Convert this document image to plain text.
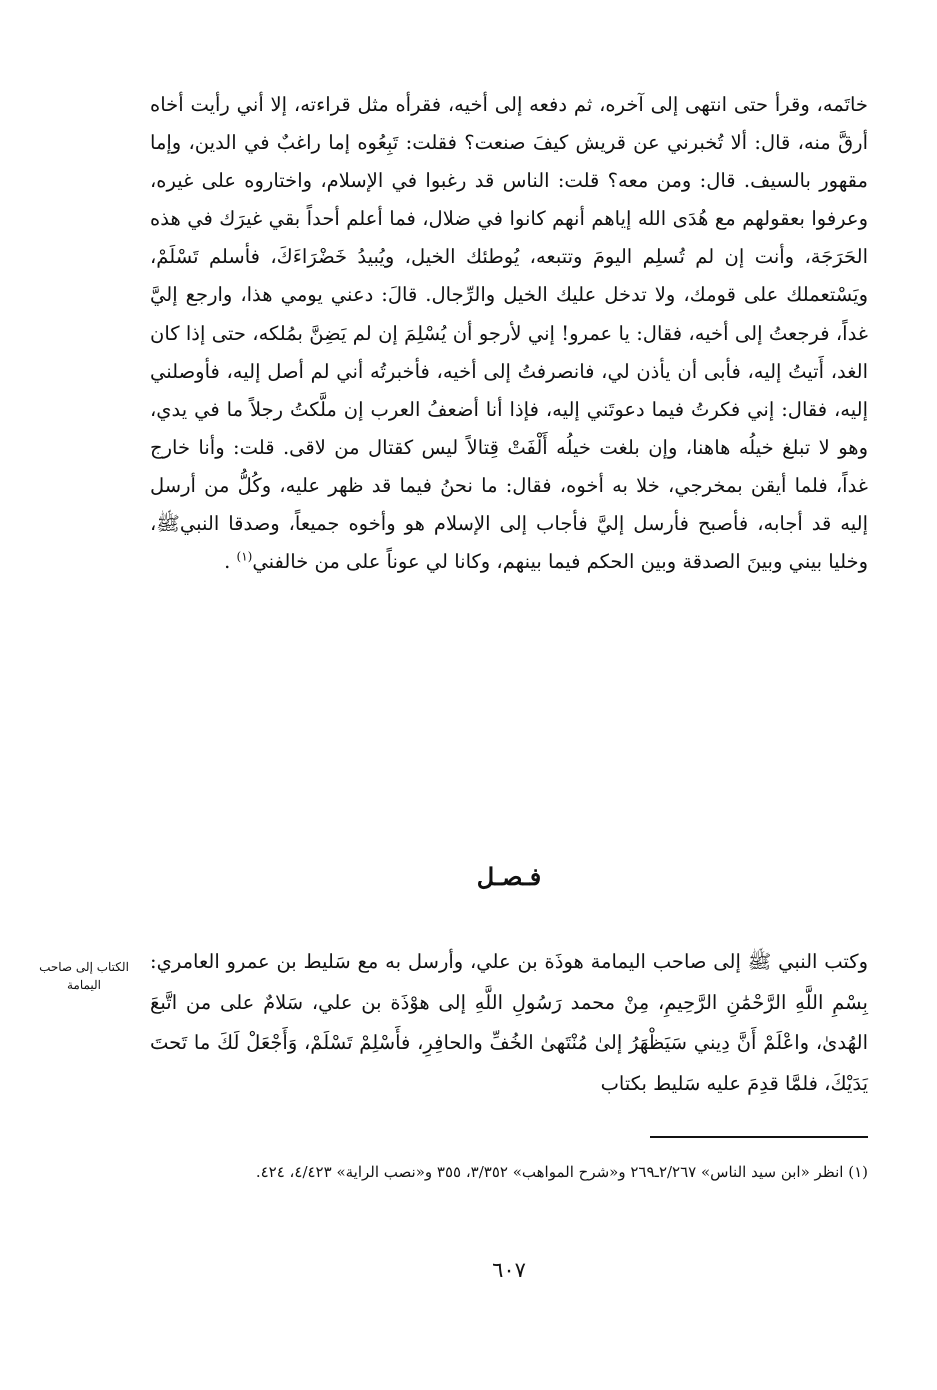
خاتَمه، وقرأ حتى انتهى إلى آخره، ثم دفعه إلى أخيه، فقرأه مثل قراءته، إلا أني رأيت أخاه أرقَّ منه، قال: ألا تُخبرني عن قريش كيفَ صنعت؟ فقلت: تَبِعُوه إما راغبٌ في الدين، وإما مقهور بالسيف. قال: ومن معه؟ قلت: الناس قد رغبوا في الإسلام، واختاروه على غيره، وعرفوا بعقولهم مع هُدَى الله إياهم أنهم كانوا في ضلال، فما أعلم أحداً بقي غيرَك في هذه الحَرَجَة، وأنت إن لم تُسلِم اليومَ وتتبعه، يُوطئك الخيل، ويُبيدُ خَضْرَاءَكَ، فأسلم تَسْلَمْ، ويَسْتعملك على قومك، ولا تدخل عليك الخيل والرِّجال. قالَ: دعني يومي هذا، وارجع إليَّ غداً، فرجعتُ إلى أخيه، فقال: يا عمرو! إني لأرجو أن يُسْلِمَ إن لم يَضِنَّ بمُلكه، حتى إذا كان الغد، أَتيتُ إليه، فأبى أن يأذن لي، فانصرفتُ إلى أخيه، فأخبرتُه أني لم أصل إليه، فأوصلني إليه، فقال: إني فكرتُ فيما دعوتَني إليه، فإذا أنا أضعفُ العرب إن ملَّكتُ رجلاً ما في يدي، وهو لا تبلغ خيلُه هاهنا، وإن بلغت خيلُه أَلْفَتْ قِتالاً ليس كقتال من لاقى. قلت: وأنا خارج غداً، فلما أيقن بمخرجي، خلا به أخوه، فقال: ما نحنُ فيما قد ظهر عليه، وكُلُّ من أرسل إليه قد أجابه، فأصبح فأرسل إليَّ فأجاب إلى الإسلام هو وأخوه جميعاً، وصدقا النبيﷺ، وخليا بيني وبينَ الصدقة وبين الحكم فيما بينهم، وكانا لي عوناً على من خالفني$^{(١)}$ .

فـصـل

وكتب النبي ﷺ إلى صاحب اليمامة هوذَة بن علي، وأرسل به مع سَليط بن عمرو العامري: بِسْمِ اللَّهِ الرَّحْمَٰنِ الرَّحِيمِ، مِنْ محمد رَسُولِ اللَّهِ إلى هوْذَة بن علي، سَلامٌ على من اتَّبعَ الهُدىٰ، واعْلَمْ أَنَّ دِيني سَيَظْهَرُ إلىٰ مُنْتَهىٰ الخُفِّ والحافِرِ، فأَسْلِمْ تَسْلَمْ، وَأَجْعَلْ لَكَ ما تَحتَ يَدَيْكَ، فلمَّا قدِمَ عليه سَليط بكتاب

الكتاب إلى صاحب اليمامة

(١) انظر «ابن سيد الناس» ٢/٢٦٧ـ٢٦٩ و«شرح المواهب» ٣/٣٥٢، ٣٥٥ و«نصب الراية» ٤/٤٢٣، ٤٢٤.

٦٠٧
